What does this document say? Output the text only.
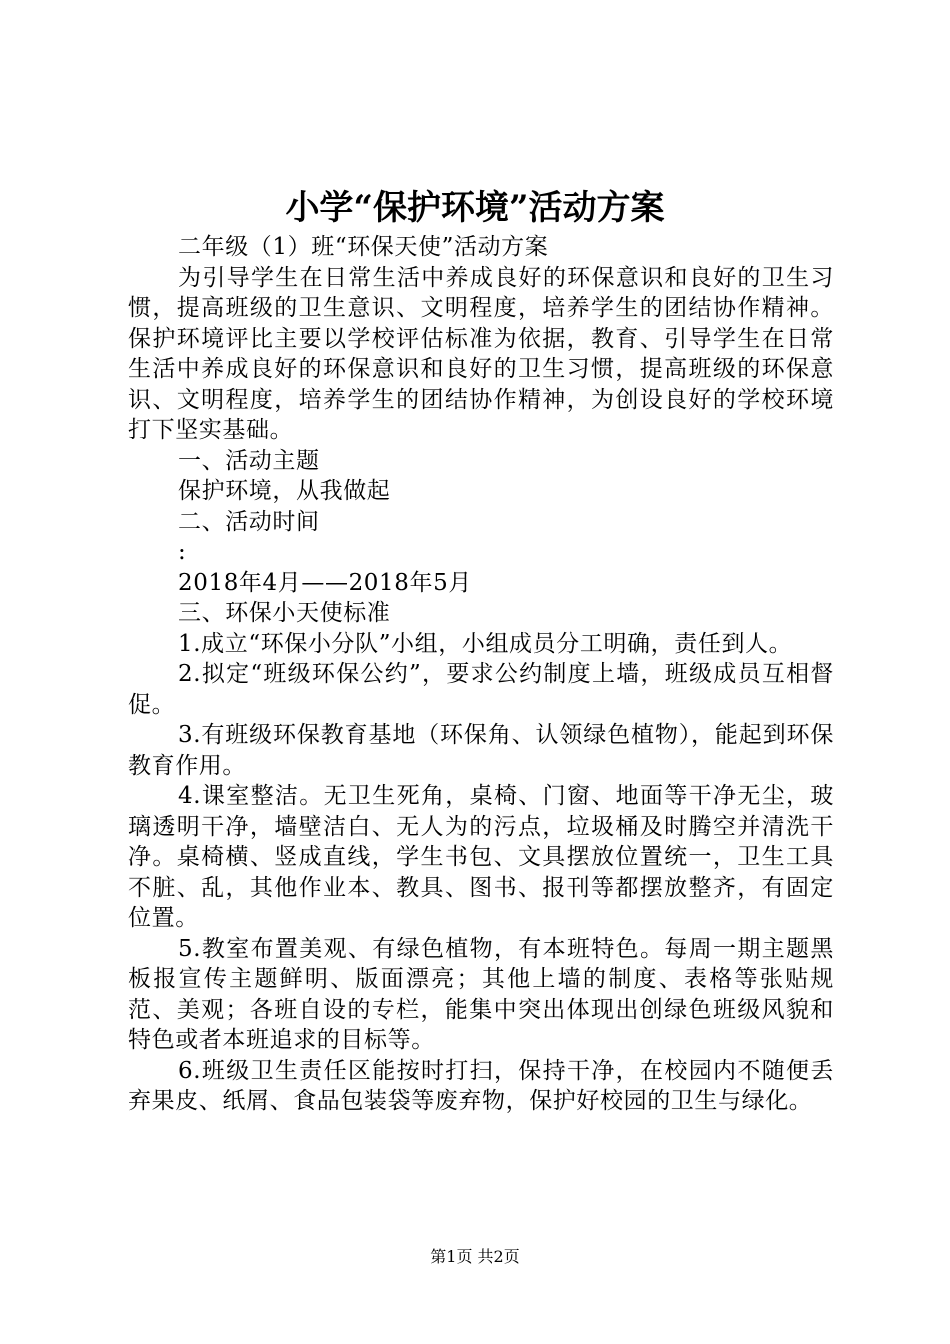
小学“保护环境”活动方案

二年级（1）班“环保天使”活动方案

为引导学生在日常生活中养成良好的环保意识和良好的卫生习惯，提高班级的卫生意识、文明程度，培养学生的团结协作精神。保护环境评比主要以学校评估标准为依据，教育、引导学生在日常生活中养成良好的环保意识和良好的卫生习惯，提高班级的环保意识、文明程度，培养学生的团结协作精神，为创设良好的学校环境打下坚实基础。

一、活动主题

保护环境，从我做起

二、活动时间

:

2018年4月——2018年5月

三、环保小天使标准

1.成立“环保小分队”小组，小组成员分工明确，责任到人。

2.拟定“班级环保公约”，要求公约制度上墙，班级成员互相督促。

3.有班级环保教育基地（环保角、认领绿色植物），能起到环保教育作用。

4.课室整洁。无卫生死角，桌椅、门窗、地面等干净无尘，玻璃透明干净，墙壁洁白、无人为的污点，垃圾桶及时腾空并清洗干净。桌椅横、竖成直线，学生书包、文具摆放位置统一，卫生工具不脏、乱，其他作业本、教具、图书、报刊等都摆放整齐，有固定位置。

5.教室布置美观、有绿色植物，有本班特色。每周一期主题黑板报宣传主题鲜明、版面漂亮；其他上墙的制度、表格等张贴规范、美观；各班自设的专栏，能集中突出体现出创绿色班级风貌和特色或者本班追求的目标等。

6.班级卫生责任区能按时打扫，保持干净，在校园内不随便丢弃果皮、纸屑、食品包装袋等废弃物，保护好校园的卫生与绿化。

第1页 共2页
